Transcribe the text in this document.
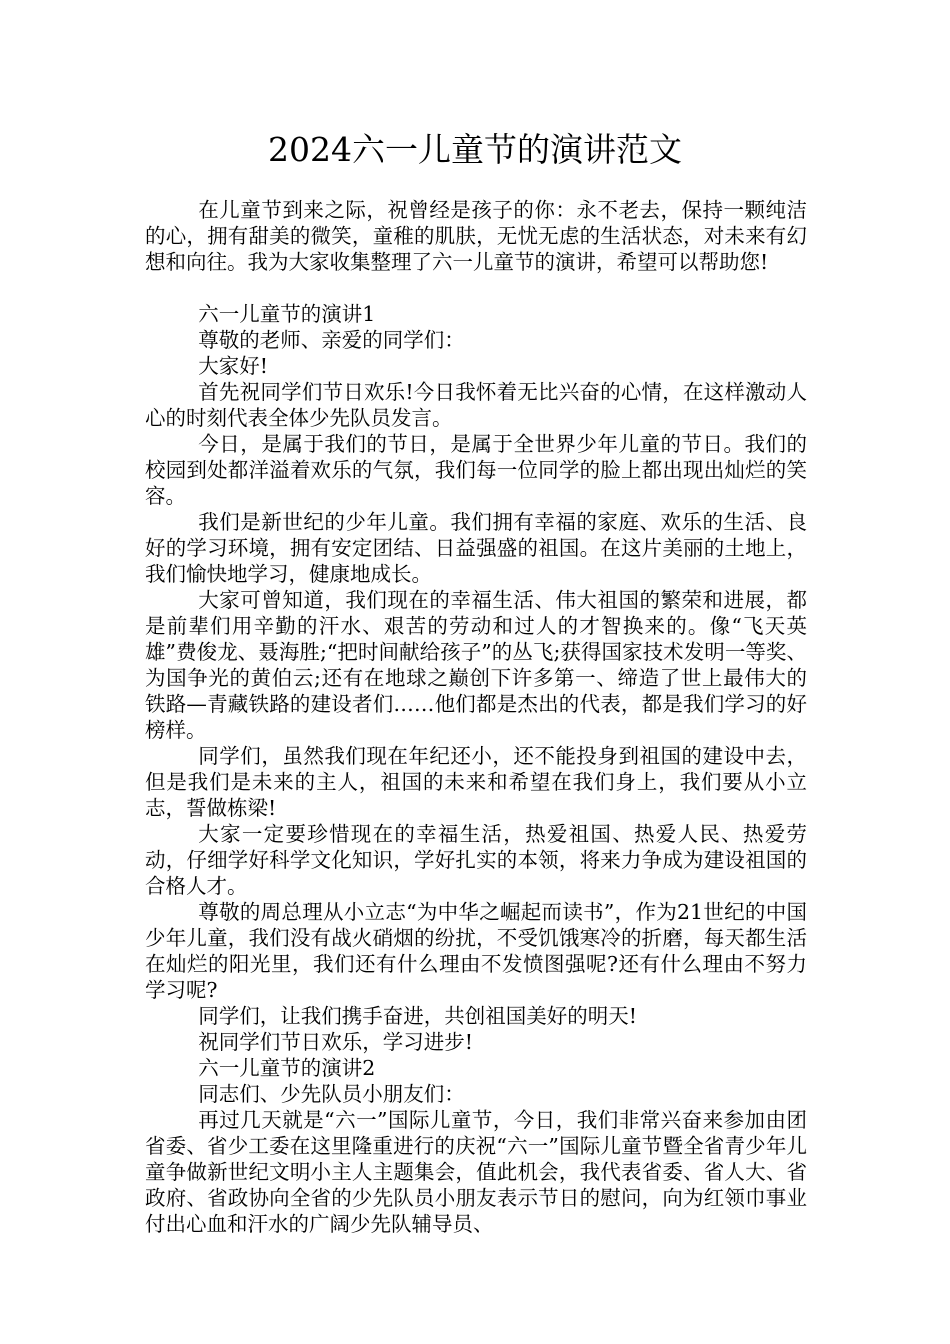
2024六一儿童节的演讲范文

在儿童节到来之际，祝曾经是孩子的你：永不老去，保持一颗纯洁的心，拥有甜美的微笑，童稚的肌肤，无忧无虑的生活状态，对未来有幻想和向往。我为大家收集整理了六一儿童节的演讲，希望可以帮助您!

六一儿童节的演讲1

尊敬的老师、亲爱的同学们：

大家好!

首先祝同学们节日欢乐!今日我怀着无比兴奋的心情，在这样激动人心的时刻代表全体少先队员发言。

今日，是属于我们的节日，是属于全世界少年儿童的节日。我们的校园到处都洋溢着欢乐的气氛，我们每一位同学的脸上都出现出灿烂的笑容。

我们是新世纪的少年儿童。我们拥有幸福的家庭、欢乐的生活、良好的学习环境，拥有安定团结、日益强盛的祖国。在这片美丽的土地上，我们愉快地学习，健康地成长。

大家可曾知道，我们现在的幸福生活、伟大祖国的繁荣和进展，都是前辈们用辛勤的汗水、艰苦的劳动和过人的才智换来的。像“飞天英雄”费俊龙、聂海胜;“把时间献给孩子”的丛飞;获得国家技术发明一等奖、为国争光的黄伯云;还有在地球之巅创下许多第一、缔造了世上最伟大的铁路—青藏铁路的建设者们……他们都是杰出的代表，都是我们学习的好榜样。

同学们，虽然我们现在年纪还小，还不能投身到祖国的建设中去，但是我们是未来的主人，祖国的未来和希望在我们身上，我们要从小立志，誓做栋梁!

大家一定要珍惜现在的幸福生活，热爱祖国、热爱人民、热爱劳动，仔细学好科学文化知识，学好扎实的本领，将来力争成为建设祖国的合格人才。

尊敬的周总理从小立志“为中华之崛起而读书”，作为21世纪的中国少年儿童，我们没有战火硝烟的纷扰，不受饥饿寒冷的折磨，每天都生活在灿烂的阳光里，我们还有什么理由不发愤图强呢?还有什么理由不努力学习呢?

同学们，让我们携手奋进，共创祖国美好的明天!

祝同学们节日欢乐，学习进步!

六一儿童节的演讲2

同志们、少先队员小朋友们：

再过几天就是“六一”国际儿童节，今日，我们非常兴奋来参加由团省委、省少工委在这里隆重进行的庆祝“六一”国际儿童节暨全省青少年儿童争做新世纪文明小主人主题集会，值此机会，我代表省委、省人大、省政府、省政协向全省的少先队员小朋友表示节日的慰问，向为红领巾事业付出心血和汗水的广阔少先队辅导员、
